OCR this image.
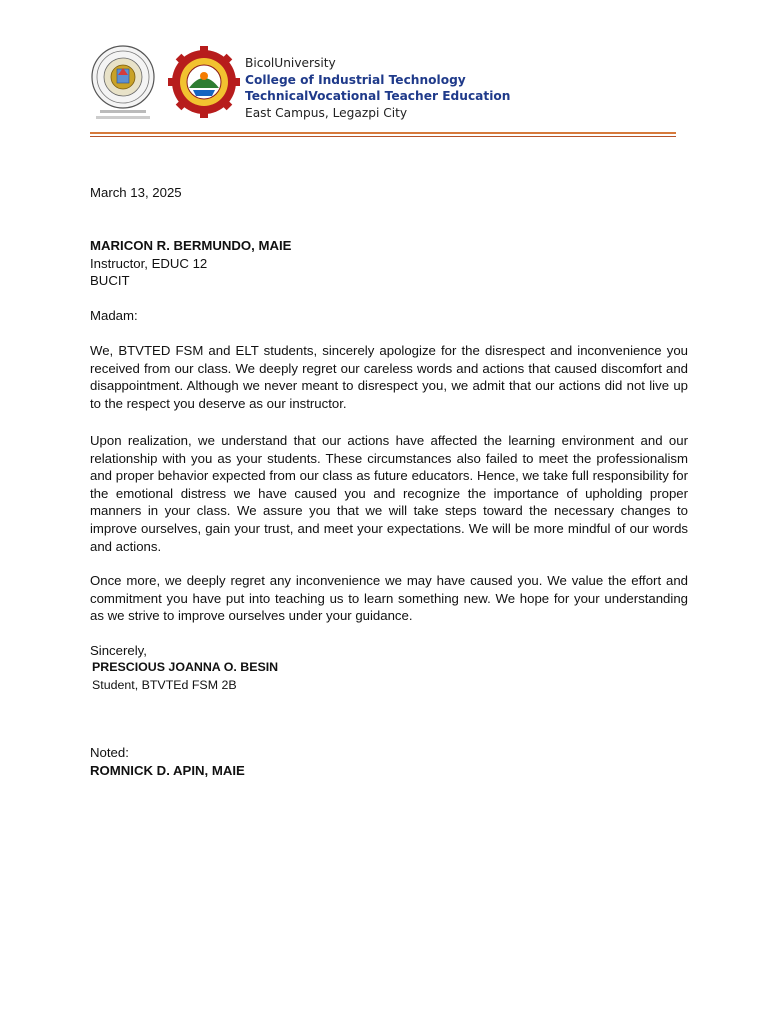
BicolUniversity
College of Industrial Technology
TechnicalVocational Teacher Education
East Campus, Legazpi City
March 13, 2025
MARICON R. BERMUNDO, MAIE
Instructor, EDUC 12
BUCIT
Madam:
We, BTVTED FSM and ELT students, sincerely apologize for the disrespect and inconvenience you received from our class. We deeply regret our careless words and actions that caused discomfort and disappointment. Although we never meant to disrespect you, we admit that our actions did not live up to the respect you deserve as our instructor.
Upon realization, we understand that our actions have affected the learning environment and our relationship with you as your students. These circumstances also failed to meet the professionalism and proper behavior expected from our class as future educators. Hence, we take full responsibility for the emotional distress we have caused you and recognize the importance of upholding proper manners in your class. We assure you that we will take steps toward the necessary changes to improve ourselves, gain your trust, and meet your expectations. We will be more mindful of our words and actions.
Once more, we deeply regret any inconvenience we may have caused you. We value the effort and commitment you have put into teaching us to learn something new. We hope for your understanding as we strive to improve ourselves under your guidance.
Sincerely,
PRESCIOUS JOANNA O. BESIN
Student, BTVTEd FSM 2B
Noted:
ROMNICK D. APIN, MAIE
